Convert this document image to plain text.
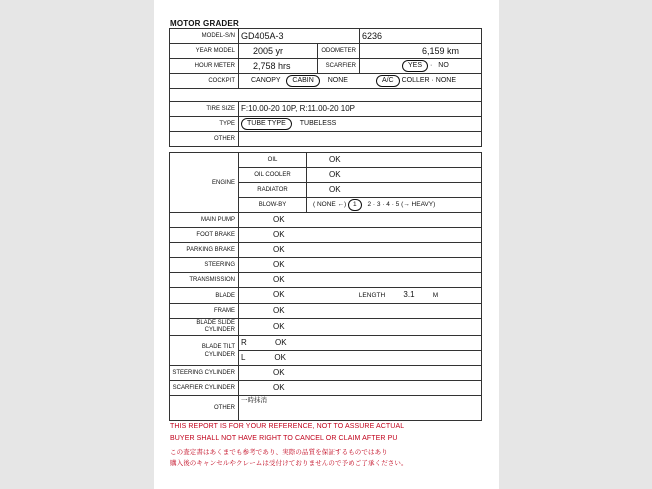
MOTOR GRADER
MODEL-S/N	GD405A-3		6236
YEAR MODEL	2005 yr	ODOMETER	6,159 km
HOUR METER	2,758 hrs	SCARFIER	YES · NO
COCKPIT	CANOPY CABIN NONE A/C COLLER · NONE		

TIRE SIZE	F:10.00-20 10P, R:11.00-20 10P		
TYPE	TUBE TYPE TUBELESS		
OTHER			
ENGINE	OIL	OK
	OIL COOLER	OK
	RADIATOR	OK
	BLOW-BY	( NONE ←) 1 2 · 3 · 4 · 5 (→ HEAVY)
MAIN PUMP	OK	
FOOT BRAKE	OK	
PARKING BRAKE	OK	
STEERING	OK	
TRANSMISSION	OK	
BLADE	OK LENGTH 3.1 M	
FRAME	OK	

BLADE SLIDE
CYLINDER	OK	

BLADE TILT
CYLINDER	R OK	
	L OK	
STEERING CYLINDER	OK	
SCARFIER CYLINDER	OK	
OTHER	一時抹消	
THIS REPORT IS FOR YOUR REFERENCE, NOT TO ASSURE ACTUAL
BUYER SHALL NOT HAVE RIGHT TO CANCEL OR CLAIM AFTER PU
この査定書はあくまでも参考であり、実際の品質を保証するものではあり
購入後のキャンセルやクレームは受付けておりませんので予めご了承ください。
